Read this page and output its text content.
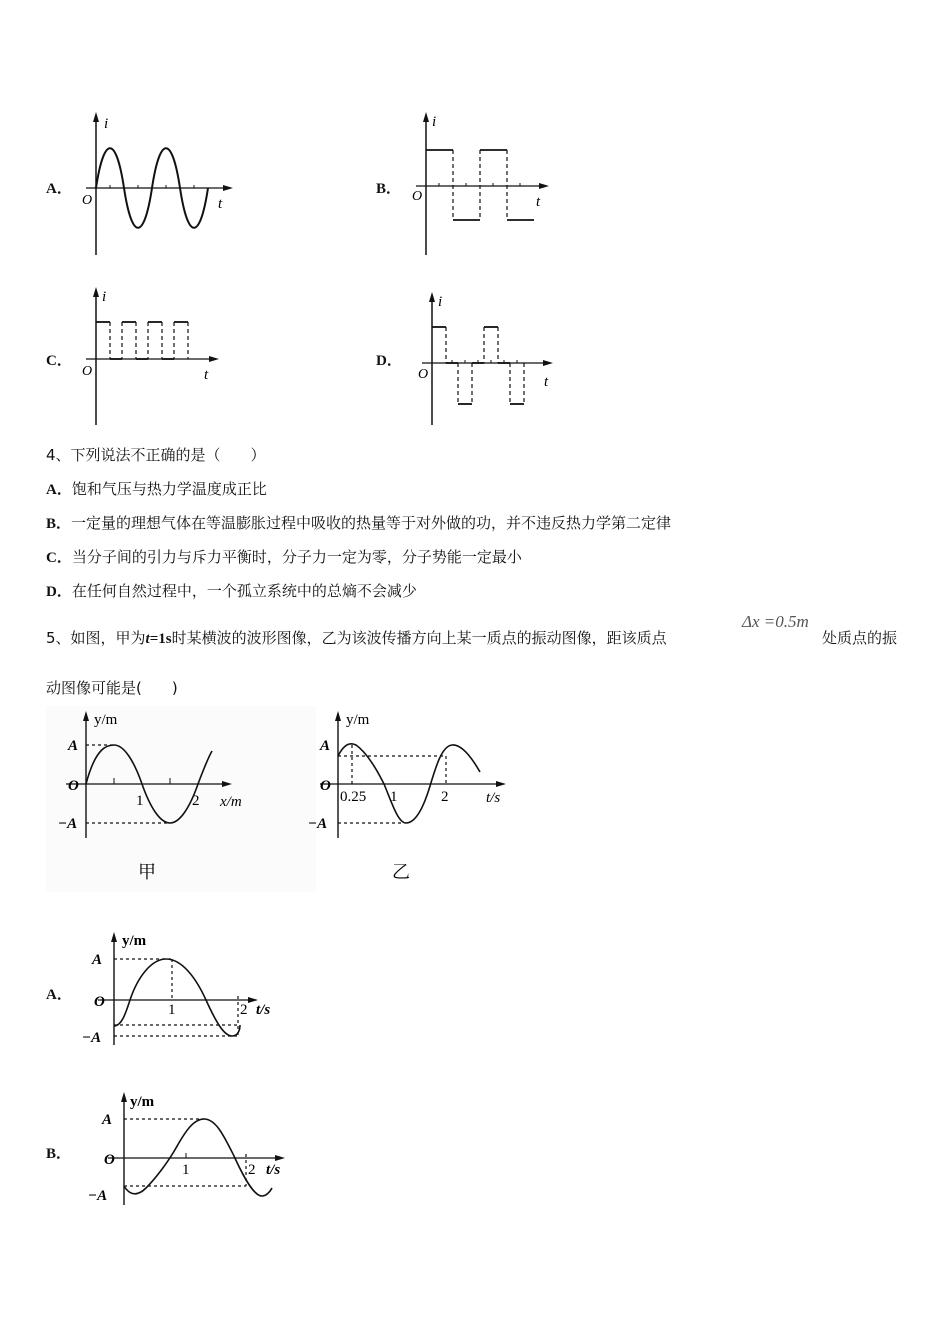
A．
i
t
O
B．
i
t
O
C．
i
t
O
D．
i
t
O
4、下列说法不正确的是（　　）
A．饱和气压与热力学温度成正比
B．一定量的理想气体在等温膨胀过程中吸收的热量等于对外做的功，并不违反热力学第二定律
C．当分子间的引力与斥力平衡时，分子力一定为零，分子势能一定最小
D．在任何自然过程中，一个孤立系统中的总熵不会减少
5、如图，甲为t=1s时某横波的波形图像，乙为该波传播方向上某一质点的振动图像，距该质点
Δx =0.5m
处质点的振
动图像可能是(　　)
y/m
x/m
A
−A
O
1	2
甲
y/m
t/s
A
−A
O
0.25 1	2
乙
A．
y/m
t/s
A
−A
O	1	2
B．
y/m
t/s
A
−A
O
1	2
